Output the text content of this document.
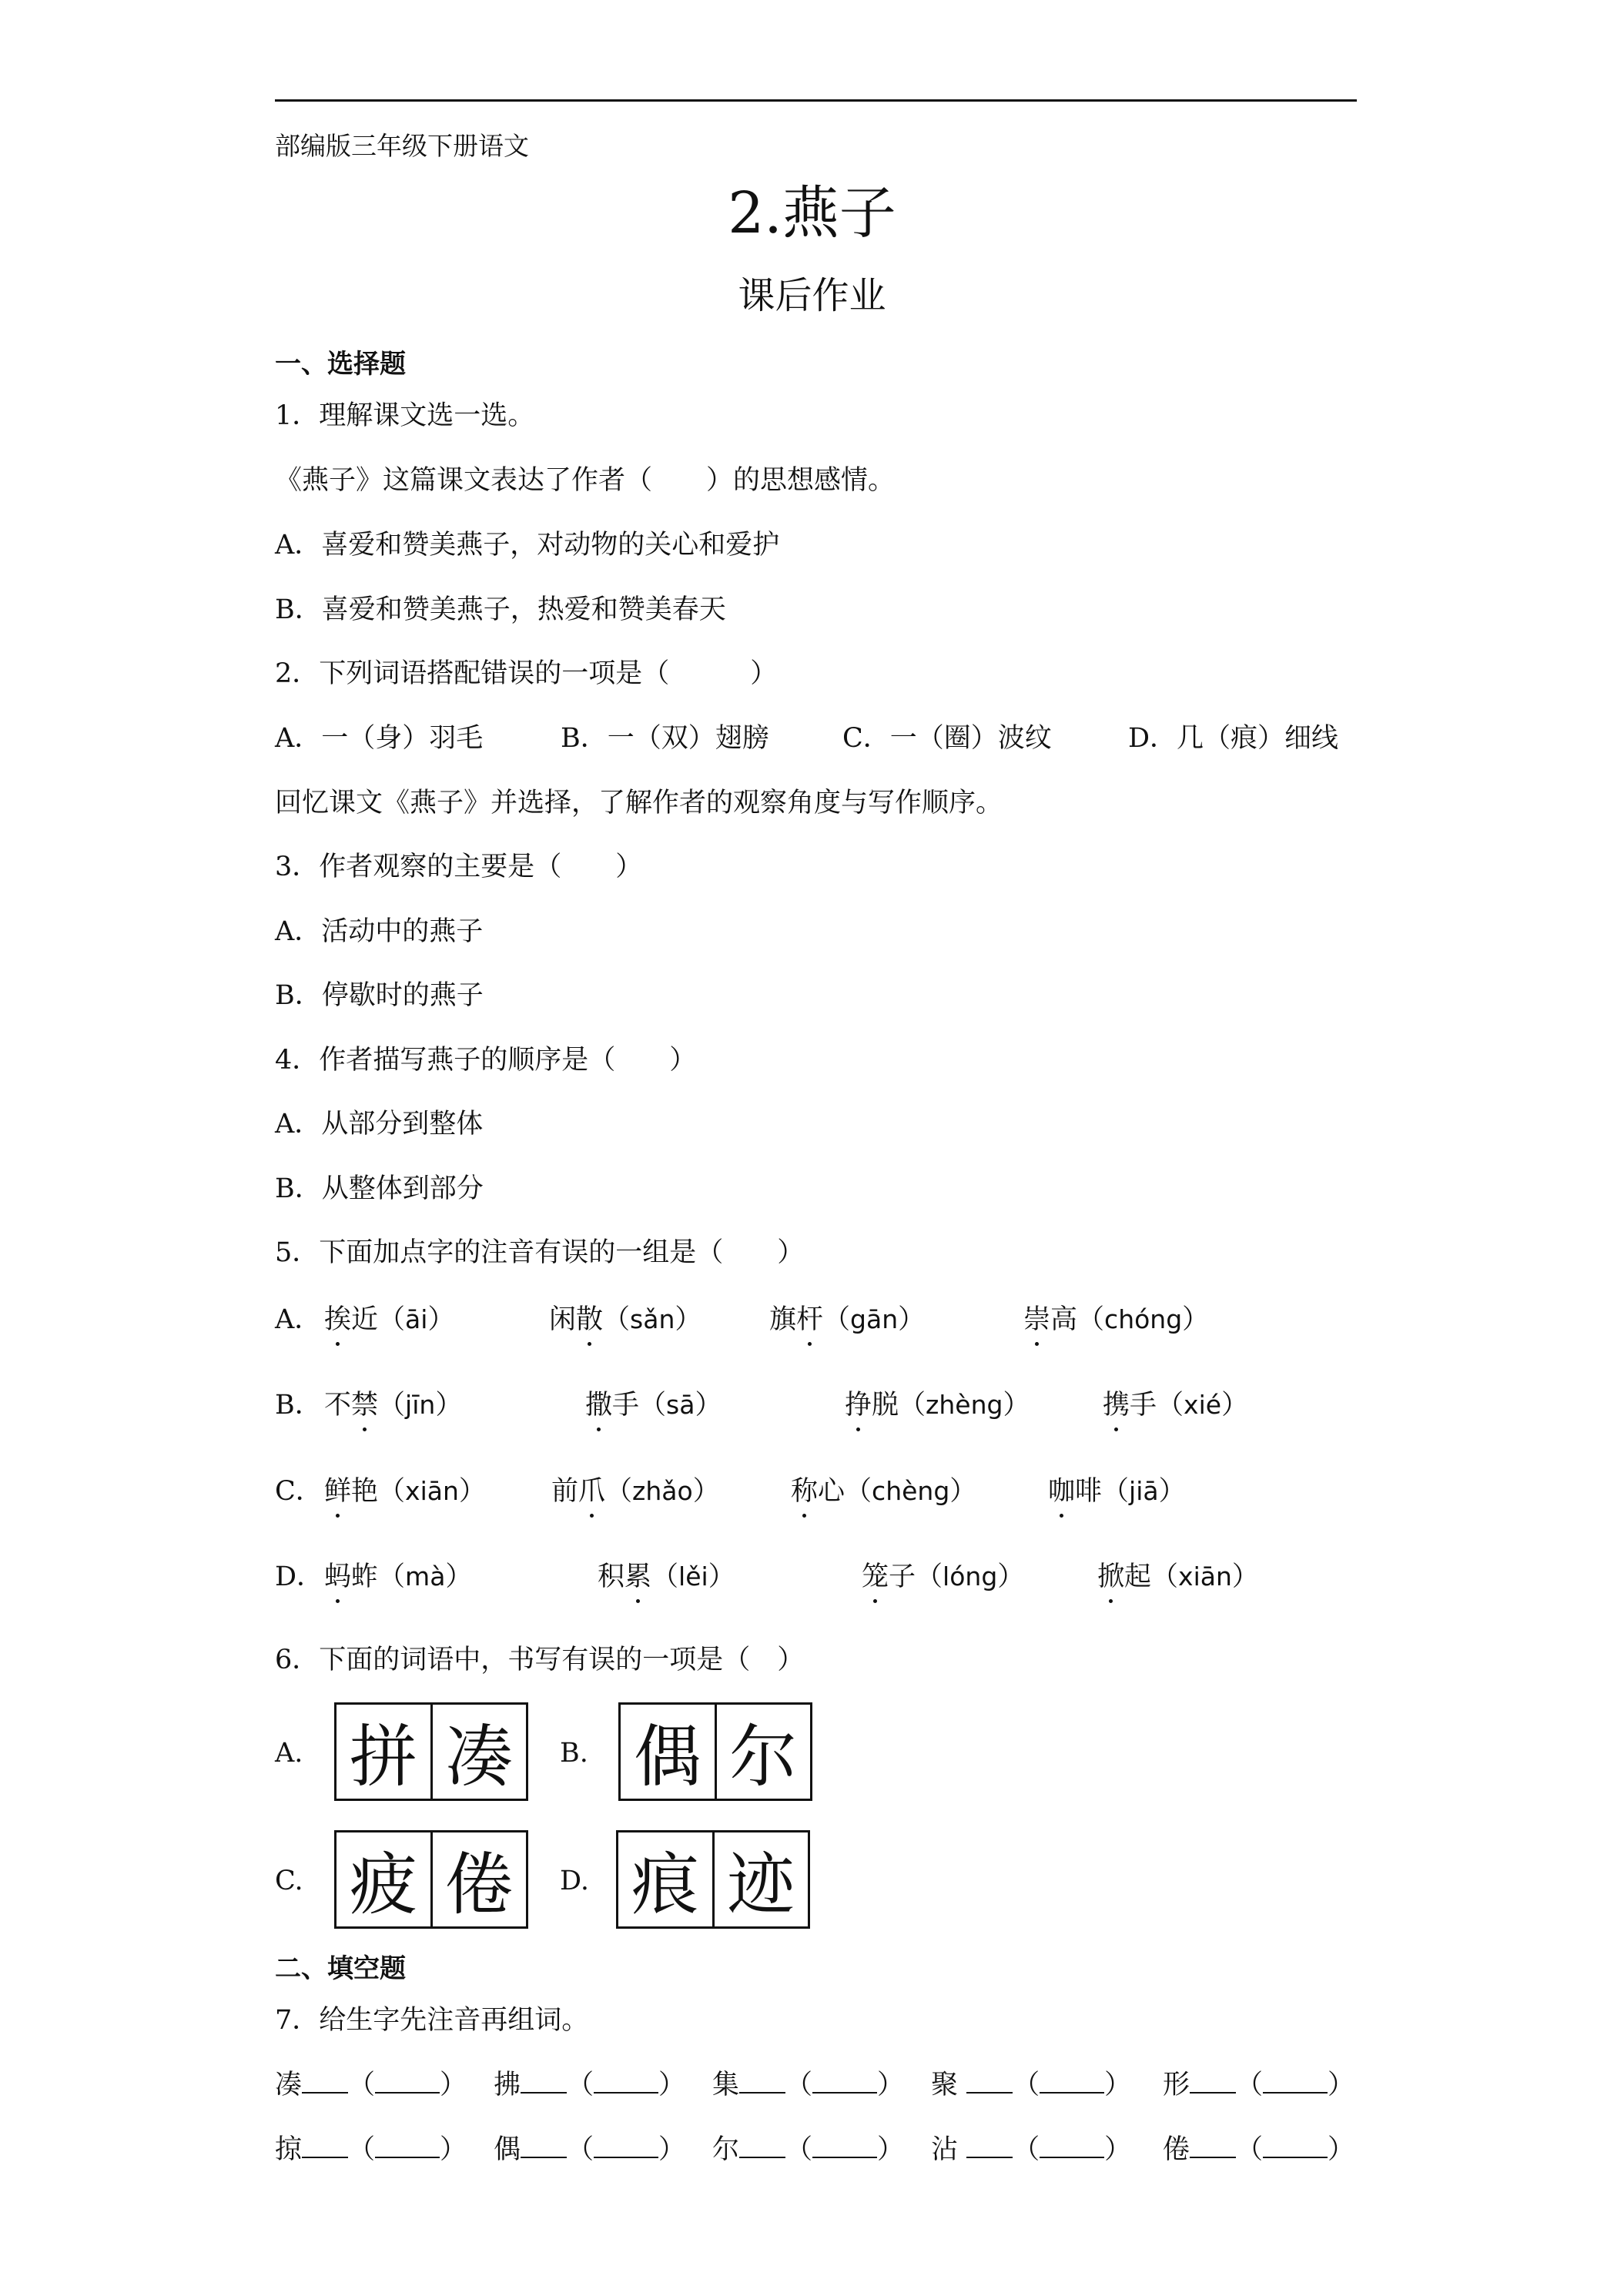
部编版三年级下册语文
2.燕子
课后作业
一、选择题
1．理解课文选一选。
《燕子》这篇课文表达了作者（　　）的思想感情。
A．喜爱和赞美燕子，对动物的关心和爱护
B．喜爱和赞美燕子，热爱和赞美春天
2．下列词语搭配错误的一项是（　　　）
A．一（身）羽毛	B．一（双）翅膀	C．一（圈）波纹	D．几（痕）细线
回忆课文《燕子》并选择，了解作者的观察角度与写作顺序。
3．作者观察的主要是（　　）
A．活动中的燕子
B．停歇时的燕子
4．作者描写燕子的顺序是（　　）
A．从部分到整体
B．从整体到部分
5．下面加点字的注音有误的一组是（　　）
A． 挨近（āi）	闲散（sǎn）	旗杆（gān）	崇高（chóng）
B． 不禁（jīn）	撒手（sā）	挣脱（zhèng）	携手（xié）
C． 鲜艳（xiān） 前爪（zhǎo）	称心（chèng）	咖啡（jiā）
D． 蚂蚱（mà）	积累（lěi）	笼子（lóng）	掀起（xiān）
6．下面的词语中，书写有误的一项是（　）
A. 拼 凑	B. 偶 尔
C. 疲 倦	D. 痕 迹
二、填空题
7．给生字先注音再组词。
凑 （ ） 拂 （ ） 集 （ ） 聚 （ ） 形 （ ）
掠 （ ） 偶 （ ） 尔 （ ） 沾 （ ） 倦 （ ）
